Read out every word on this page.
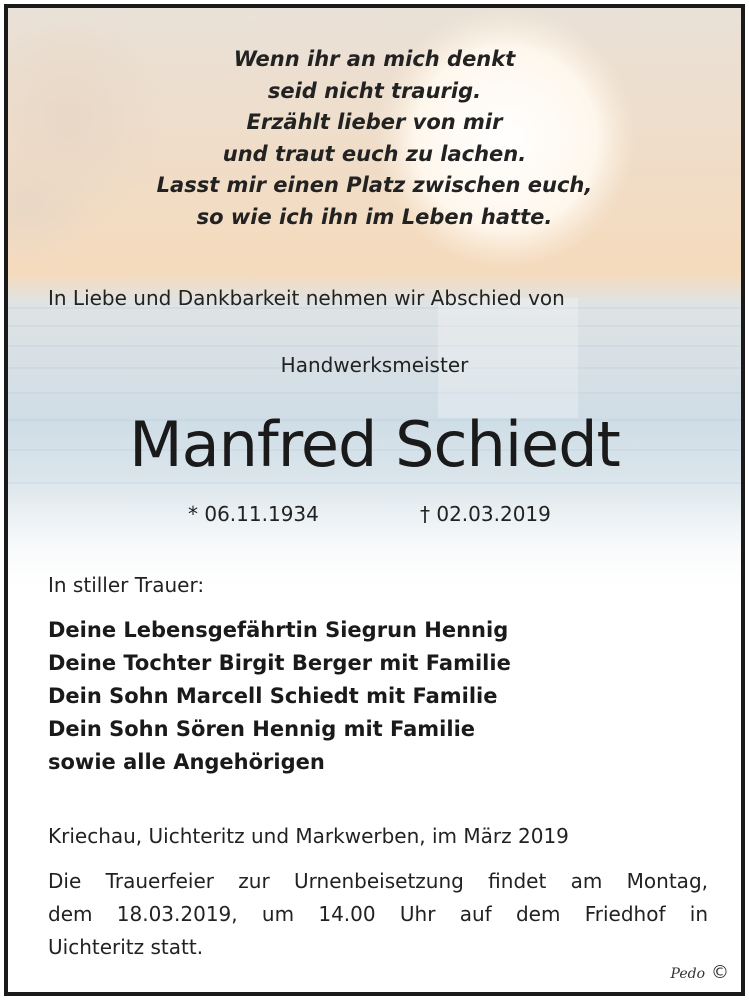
Wenn ihr an mich denkt
seid nicht traurig.
Erzählt lieber von mir
und traut euch zu lachen.
Lasst mir einen Platz zwischen euch,
so wie ich ihn im Leben hatte.
In Liebe und Dankbarkeit nehmen wir Abschied von
Handwerksmeister
Manfred Schiedt
* 06.11.1934	† 02.03.2019
In stiller Trauer:
Deine Lebensgefährtin Siegrun Hennig
Deine Tochter Birgit Berger mit Familie
Dein Sohn Marcell Schiedt mit Familie
Dein Sohn Sören Hennig mit Familie
sowie alle Angehörigen
Kriechau, Uichteritz und Markwerben, im März 2019
Die Trauerfeier zur Urnenbeisetzung findet am Montag,
dem 18.03.2019, um 14.00 Uhr auf dem Friedhof in
Uichteritz statt.
Pedo ©
